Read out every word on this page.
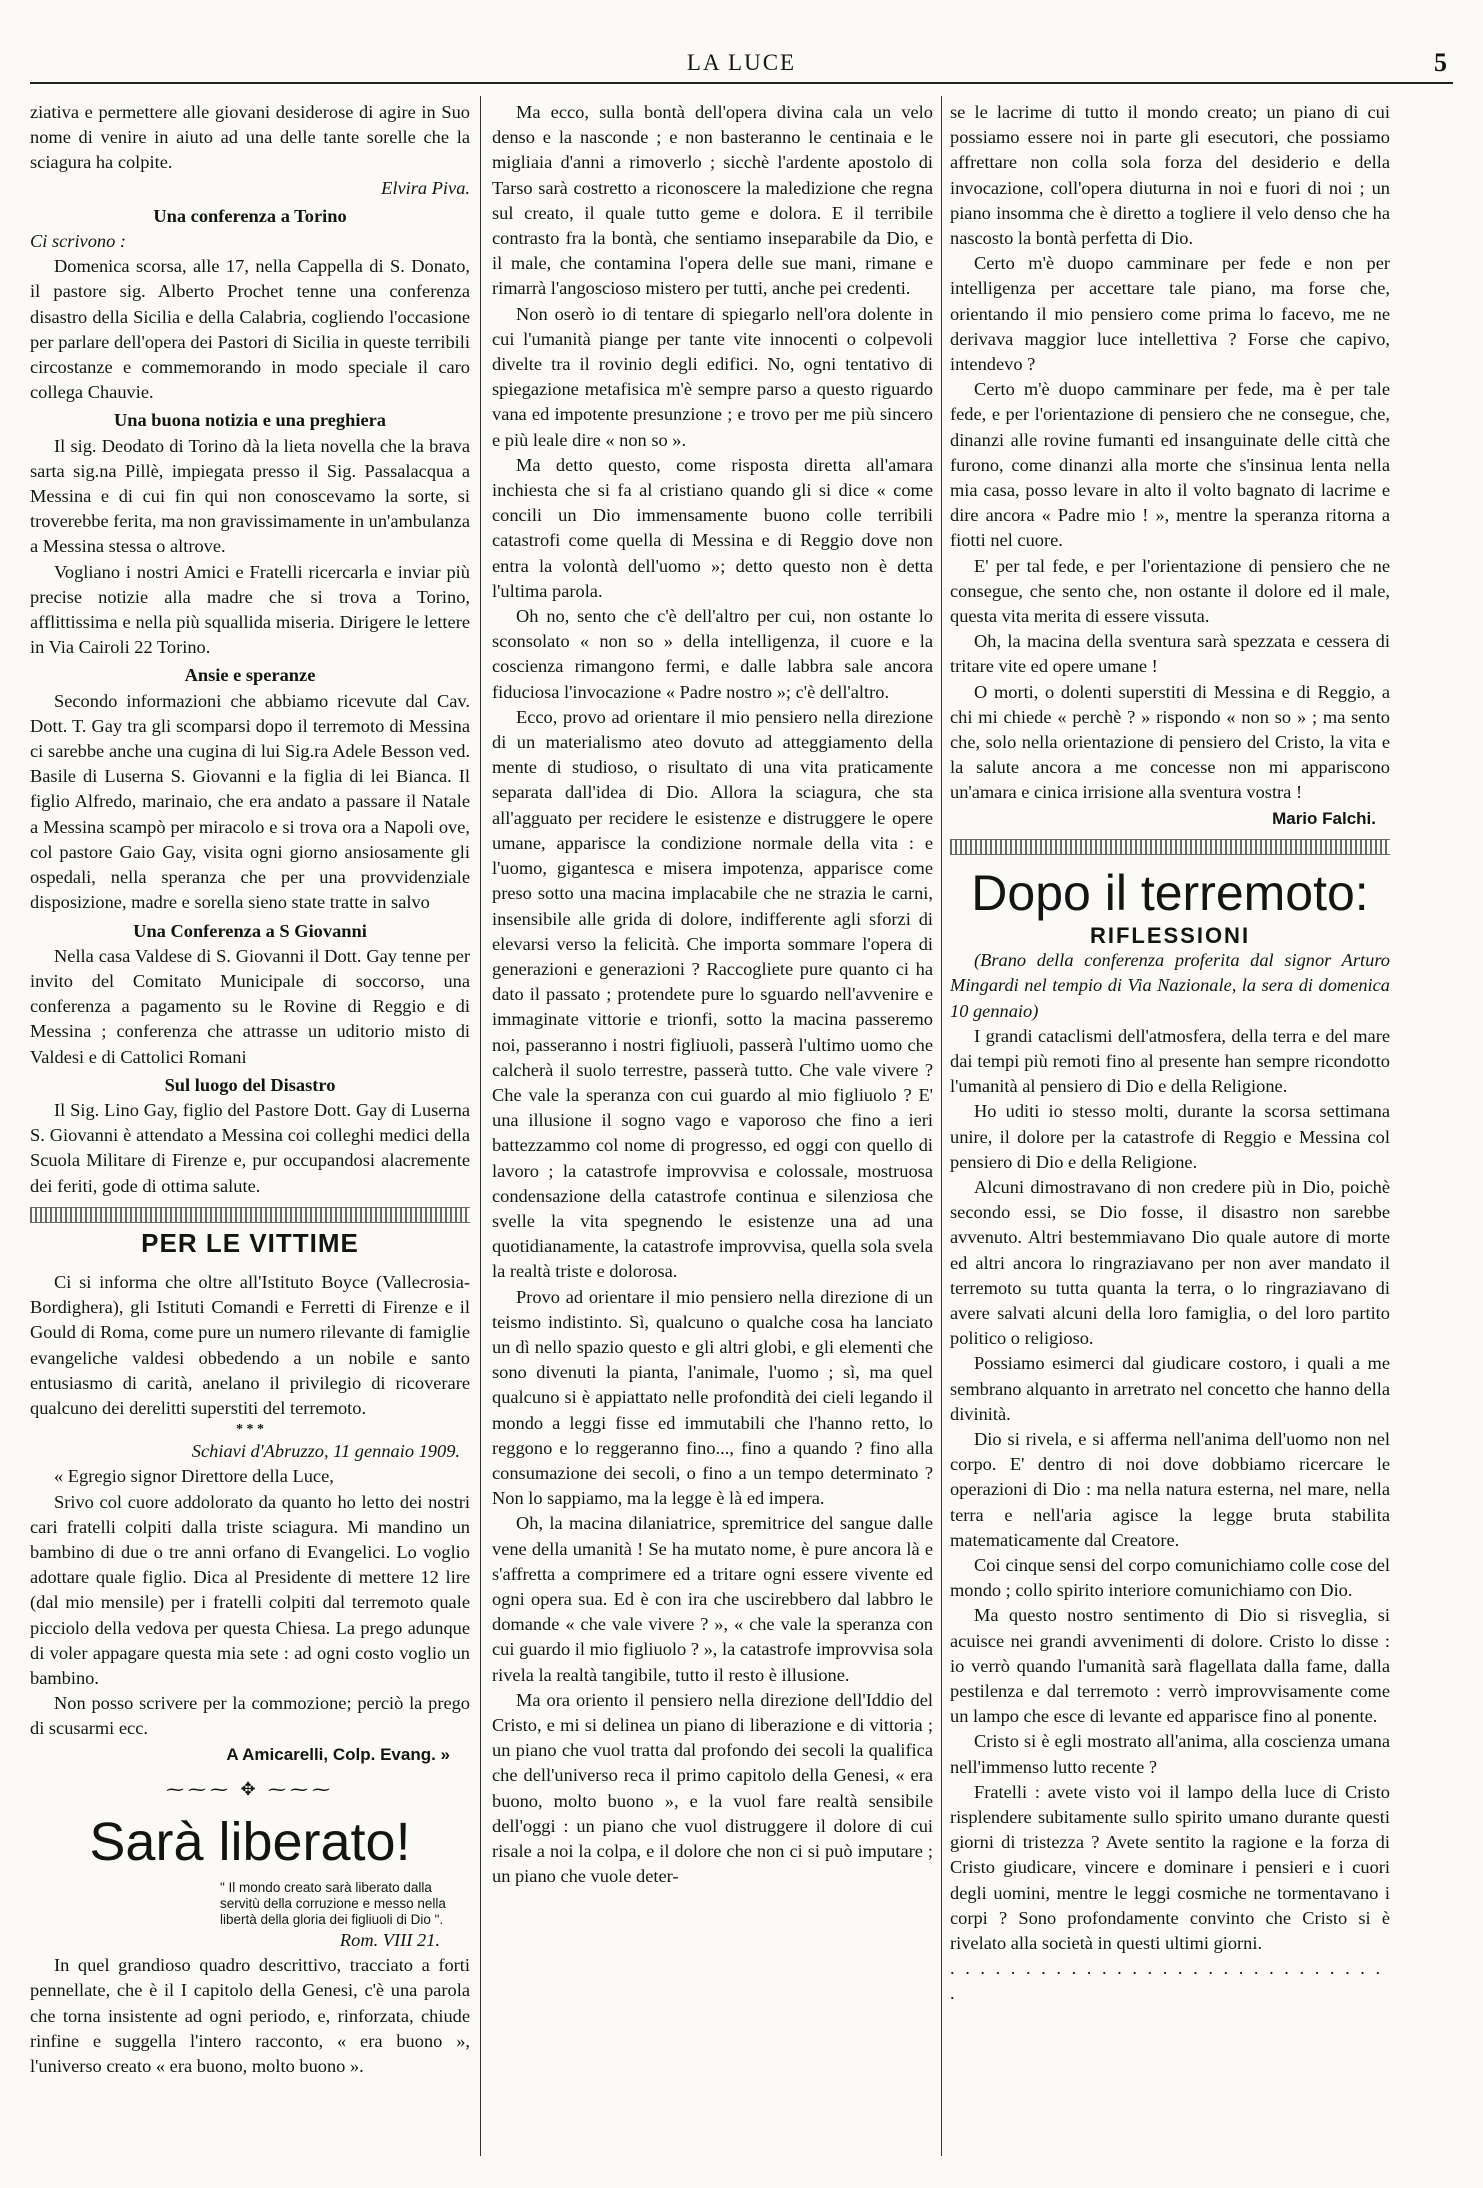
LA LUCE	5

ziativa e permettere alle giovani desiderose di agire in Suo nome di venire in aiuto ad una delle tante sorelle che la sciagura ha colpite.

Elvira Piva.
Una conferenza a Torino
Ci scrivono :

Domenica scorsa, alle 17, nella Cappella di S. Donato, il pastore sig. Alberto Prochet tenne una conferenza disastro della Sicilia e della Calabria, cogliendo l'occasione per parlare dell'opera dei Pastori di Sicilia in queste terribili circostanze e commemorando in modo speciale il caro collega Chauvie.

Una buona notizia e una preghiera

Il sig. Deodato di Torino dà la lieta novella che la brava sarta sig.na Pillè, impiegata presso il Sig. Passalacqua a Messina e di cui fin qui non conoscevamo la sorte, si troverebbe ferita, ma non gravissimamente in un'ambulanza a Messina stessa o altrove.

Vogliano i nostri Amici e Fratelli ricercarla e inviar più precise notizie alla madre che si trova a Torino, afflittissima e nella più squallida miseria. Dirigere le lettere in Via Cairoli 22 Torino.

Ansie e speranze

Secondo informazioni che abbiamo ricevute dal Cav. Dott. T. Gay tra gli scomparsi dopo il terremoto di Messina ci sarebbe anche una cugina di lui Sig.ra Adele Besson ved. Basile di Luserna S. Giovanni e la figlia di lei Bianca. Il figlio Alfredo, marinaio, che era andato a passare il Natale a Messina scampò per miracolo e si trova ora a Napoli ove, col pastore Gaio Gay, visita ogni giorno ansiosamente gli ospedali, nella speranza che per una provvidenziale disposizione, madre e sorella sieno state tratte in salvo

Una Conferenza a S Giovanni

Nella casa Valdese di S. Giovanni il Dott. Gay tenne per invito del Comitato Municipale di soccorso, una conferenza a pagamento su le Rovine di Reggio e di Messina ; conferenza che attrasse un uditorio misto di Valdesi e di Cattolici Romani

Sul luogo del Disastro

Il Sig. Lino Gay, figlio del Pastore Dott. Gay di Luserna S. Giovanni è attendato a Messina coi colleghi medici della Scuola Militare di Firenze e, pur occupandosi alacremente dei feriti, gode di ottima salute.

PER LE VITTIME

Ci si informa che oltre all'Istituto Boyce (Vallecrosia-Bordighera), gli Istituti Comandi e Ferretti di Firenze e il Gould di Roma, come pure un numero rilevante di famiglie evangeliche valdesi obbedendo a un nobile e santo entusiasmo di carità, anelano il privilegio di ricoverare qualcuno dei derelitti superstiti del terremoto.

* * *
Schiavi d'Abruzzo, 11 gennaio 1909.

« Egregio signor Direttore della Luce,

Srivo col cuore addolorato da quanto ho letto dei nostri cari fratelli colpiti dalla triste sciagura. Mi mandino un bambino di due o tre anni orfano di Evangelici. Lo voglio adottare quale figlio. Dica al Presidente di mettere 12 lire (dal mio mensile) per i fratelli colpiti dal terremoto quale picciolo della vedova per questa Chiesa. La prego adunque di voler appagare questa mia sete : ad ogni costo voglio un bambino.

Non posso scrivere per la commozione; perciò la prego di scusarmi ecc.

A Amicarelli, Colp. Evang. »
⁓⁓⁓ ✥ ⁓⁓⁓
Sarà liberato!
" Il mondo creato sarà liberato dalla servitù della corruzione e messo nella libertà della gloria dei figliuoli di Dio ".
Rom. VIII 21.

In quel grandioso quadro descrittivo, tracciato a forti pennellate, che è il I capitolo della Genesi, c'è una parola che torna insistente ad ogni periodo, e, rinforzata, chiude rinfine e suggella l'intero racconto, « era buono », l'universo creato « era buono, molto buono ».

Ma ecco, sulla bontà dell'opera divina cala un velo denso e la nasconde ; e non basteranno le centinaia e le migliaia d'anni a rimoverlo ; sicchè l'ardente apostolo di Tarso sarà costretto a riconoscere la maledizione che regna sul creato, il quale tutto geme e dolora. E il terribile contrasto fra la bontà, che sentiamo inseparabile da Dio, e il male, che contamina l'opera delle sue mani, rimane e rimarrà l'angoscioso mistero per tutti, anche pei credenti.

Non oserò io di tentare di spiegarlo nell'ora dolente in cui l'umanità piange per tante vite innocenti o colpevoli divelte tra il rovinio degli edifici. No, ogni tentativo di spiegazione metafisica m'è sempre parso a questo riguardo vana ed impotente presunzione ; e trovo per me più sincero e più leale dire « non so ».

Ma detto questo, come risposta diretta all'amara inchiesta che si fa al cristiano quando gli si dice « come concili un Dio immensamente buono colle terribili catastrofi come quella di Messina e di Reggio dove non entra la volontà dell'uomo »; detto questo non è detta l'ultima parola.

Oh no, sento che c'è dell'altro per cui, non ostante lo sconsolato « non so » della intelligenza, il cuore e la coscienza rimangono fermi, e dalle labbra sale ancora fiduciosa l'invocazione « Padre nostro »; c'è dell'altro.

Ecco, provo ad orientare il mio pensiero nella direzione di un materialismo ateo dovuto ad atteggiamento della mente di studioso, o risultato di una vita praticamente separata dall'idea di Dio. Allora la sciagura, che sta all'agguato per recidere le esistenze e distruggere le opere umane, apparisce la condizione normale della vita : e l'uomo, gigantesca e misera impotenza, apparisce come preso sotto una macina implacabile che ne strazia le carni, insensibile alle grida di dolore, indifferente agli sforzi di elevarsi verso la felicità. Che importa sommare l'opera di generazioni e generazioni ? Raccogliete pure quanto ci ha dato il passato ; protendete pure lo sguardo nell'avvenire e immaginate vittorie e trionfi, sotto la macina passeremo noi, passeranno i nostri figliuoli, passerà l'ultimo uomo che calcherà il suolo terrestre, passerà tutto. Che vale vivere ? Che vale la speranza con cui guardo al mio figliuolo ? E' una illusione il sogno vago e vaporoso che fino a ieri battezzammo col nome di progresso, ed oggi con quello di lavoro ; la catastrofe improvvisa e colossale, mostruosa condensazione della catastrofe continua e silenziosa che svelle la vita spegnendo le esistenze una ad una quotidianamente, la catastrofe improvvisa, quella sola svela la realtà triste e dolorosa.

Provo ad orientare il mio pensiero nella direzione di un teismo indistinto. Sì, qualcuno o qualche cosa ha lanciato un dì nello spazio questo e gli altri globi, e gli elementi che sono divenuti la pianta, l'animale, l'uomo ; sì, ma quel qualcuno si è appiattato nelle profondità dei cieli legando il mondo a leggi fisse ed immutabili che l'hanno retto, lo reggono e lo reggeranno fino..., fino a quando ? fino alla consumazione dei secoli, o fino a un tempo determinato ? Non lo sappiamo, ma la legge è là ed impera.

Oh, la macina dilaniatrice, spremitrice del sangue dalle vene della umanità ! Se ha mutato nome, è pure ancora là e s'affretta a comprimere ed a tritare ogni essere vivente ed ogni opera sua. Ed è con ira che uscirebbero dal labbro le domande « che vale vivere ? », « che vale la speranza con cui guardo il mio figliuolo ? », la catastrofe improvvisa sola rivela la realtà tangibile, tutto il resto è illusione.

Ma ora oriento il pensiero nella direzione dell'Iddio del Cristo, e mi si delinea un piano di liberazione e di vittoria ; un piano che vuol tratta dal profondo dei secoli la qualifica che dell'universo reca il primo capitolo della Genesi, « era buono, molto buono », e la vuol fare realtà sensibile dell'oggi : un piano che vuol distruggere il dolore di cui risale a noi la colpa, e il dolore che non ci si può imputare ; un piano che vuole deter-

se le lacrime di tutto il mondo creato; un piano di cui possiamo essere noi in parte gli esecutori, che possiamo affrettare non colla sola forza del desiderio e della invocazione, coll'opera diuturna in noi e fuori di noi ; un piano insomma che è diretto a togliere il velo denso che ha nascosto la bontà perfetta di Dio.

Certo m'è duopo camminare per fede e non per intelligenza per accettare tale piano, ma forse che, orientando il mio pensiero come prima lo facevo, me ne derivava maggior luce intellettiva ? Forse che capivo, intendevo ?

Certo m'è duopo camminare per fede, ma è per tale fede, e per l'orientazione di pensiero che ne consegue, che, dinanzi alle rovine fumanti ed insanguinate delle città che furono, come dinanzi alla morte che s'insinua lenta nella mia casa, posso levare in alto il volto bagnato di lacrime e dire ancora « Padre mio ! », mentre la speranza ritorna a fiotti nel cuore.

E' per tal fede, e per l'orientazione di pensiero che ne consegue, che sento che, non ostante il dolore ed il male, questa vita merita di essere vissuta.

Oh, la macina della sventura sarà spezzata e cessera di tritare vite ed opere umane !

O morti, o dolenti superstiti di Messina e di Reggio, a chi mi chiede « perchè ? » rispondo « non so » ; ma sento che, solo nella orientazione di pensiero del Cristo, la vita e la salute ancora a me concesse non mi appariscono un'amara e cinica irrisione alla sventura vostra !

Mario Falchi.
Dopo il terremoto:
RIFLESSIONI

(Brano della conferenza proferita dal signor Arturo Mingardi nel tempio di Via Nazionale, la sera di domenica 10 gennaio)

I grandi cataclismi dell'atmosfera, della terra e del mare dai tempi più remoti fino al presente han sempre ricondotto l'umanità al pensiero di Dio e della Religione.

Ho uditi io stesso molti, durante la scorsa settimana unire, il dolore per la catastrofe di Reggio e Messina col pensiero di Dio e della Religione.

Alcuni dimostravano di non credere più in Dio, poichè secondo essi, se Dio fosse, il disastro non sarebbe avvenuto. Altri bestemmiavano Dio quale autore di morte ed altri ancora lo ringraziavano per non aver mandato il terremoto su tutta quanta la terra, o lo ringraziavano di avere salvati alcuni della loro famiglia, o del loro partito politico o religioso.

Possiamo esimerci dal giudicare costoro, i quali a me sembrano alquanto in arretrato nel concetto che hanno della divinità.

Dio si rivela, e si afferma nell'anima dell'uomo non nel corpo. E' dentro di noi dove dobbiamo ricercare le operazioni di Dio : ma nella natura esterna, nel mare, nella terra e nell'aria agisce la legge bruta stabilita matematicamente dal Creatore.

Coi cinque sensi del corpo comunichiamo colle cose del mondo ; collo spirito interiore comunichiamo con Dio.

Ma questo nostro sentimento di Dio si risveglia, si acuisce nei grandi avvenimenti di dolore. Cristo lo disse : io verrò quando l'umanità sarà flagellata dalla fame, dalla pestilenza e dal terremoto : verrò improvvisamente come un lampo che esce di levante ed apparisce fino al ponente.

Cristo si è egli mostrato all'anima, alla coscienza umana nell'immenso lutto recente ?

Fratelli : avete visto voi il lampo della luce di Cristo risplendere subitamente sullo spirito umano durante questi giorni di tristezza ? Avete sentito la ragione e la forza di Cristo giudicare, vincere e dominare i pensieri e i cuori degli uomini, mentre le leggi cosmiche ne tormentavano i corpi ? Sono profondamente convinto che Cristo si è rivelato alla società in questi ultimi giorni.

. . . . . . . . . . . . . . . . . . . . . . . . . . . . . .
